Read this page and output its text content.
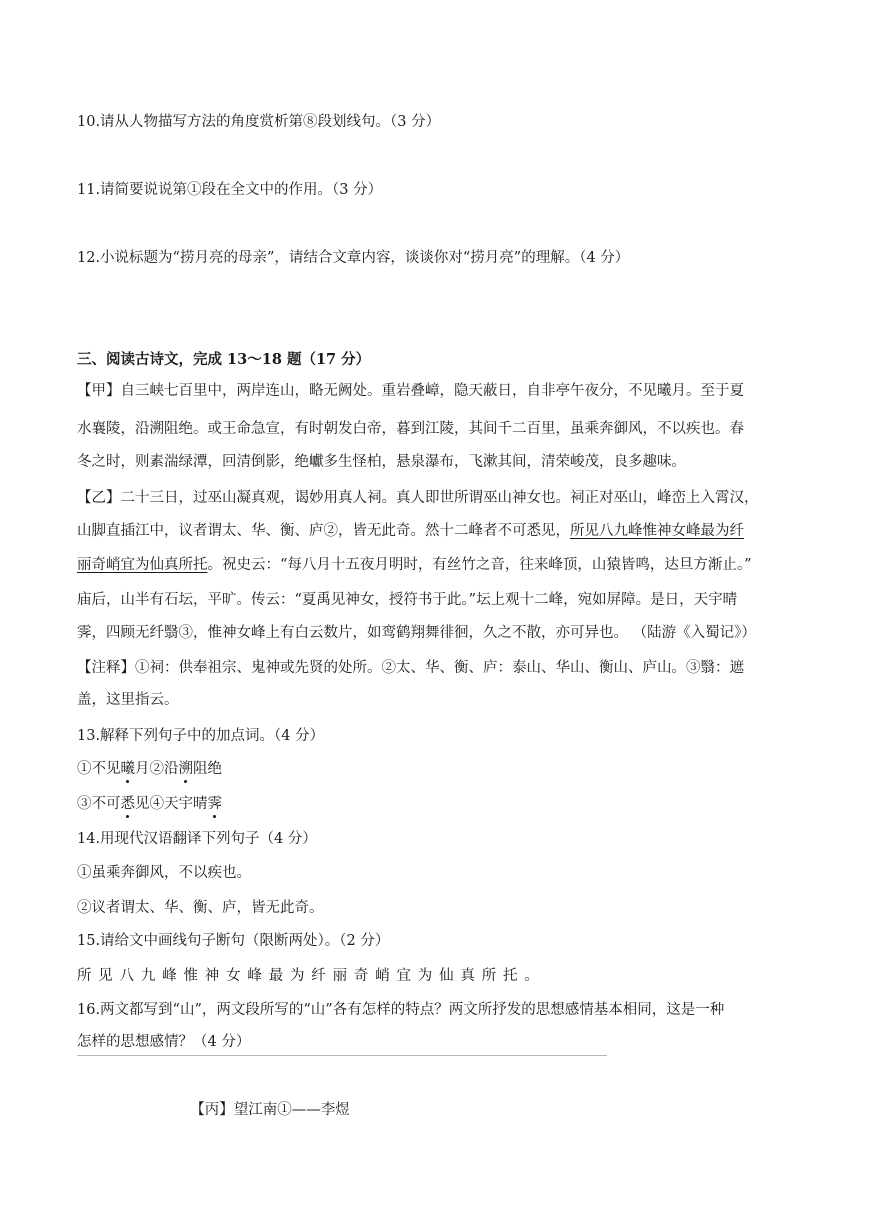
10.请从人物描写方法的角度赏析第⑧段划线句。（3 分）
11.请简要说说第①段在全文中的作用。（3 分）
12.小说标题为“捞月亮的母亲”，请结合文章内容，谈谈你对“捞月亮”的理解。（4 分）
三、阅读古诗文，完成 13～18 题（17 分）
【甲】自三峡七百里中，两岸连山，略无阙处。重岩叠嶂，隐天蔽日，自非亭午夜分，不见曦月。至于夏
水襄陵，沿溯阻绝。或王命急宣，有时朝发白帝，暮到江陵，其间千二百里，虽乘奔御风，不以疾也。春
冬之时，则素湍绿潭，回清倒影，绝巘多生怪柏，悬泉瀑布，飞漱其间，清荣峻茂，良多趣味。
【乙】二十三日，过巫山凝真观，谒妙用真人祠。真人即世所谓巫山神女也。祠正对巫山，峰峦上入霄汉，
山脚直插江中，议者谓太、华、衡、庐②，皆无此奇。然十二峰者不可悉见，所见八九峰惟神女峰最为纤
丽奇峭宜为仙真所托。祝史云：“每八月十五夜月明时，有丝竹之音，往来峰顶，山猿皆鸣，达旦方渐止。”
庙后，山半有石坛，平旷。传云：“夏禹见神女，授符书于此。”坛上观十二峰，宛如屏障。是日，天宇晴
霁，四顾无纤翳③，惟神女峰上有白云数片，如鸾鹤翔舞徘徊，久之不散，亦可异也。 （陆游《入蜀记》）
【注释】①祠：供奉祖宗、鬼神或先贤的处所。②太、华、衡、庐：泰山、华山、衡山、庐山。③翳：遮
盖，这里指云。
13.解释下列句子中的加点词。（4 分）
①不见曦月②沿溯阻绝
③不可悉见④天宇晴霁
14.用现代汉语翻译下列句子（4 分）
①虽乘奔御风，不以疾也。
②议者谓太、华、衡、庐，皆无此奇。
15.请给文中画线句子断句（限断两处）。（2 分）
所见八九峰惟神女峰最为纤丽奇峭宜为仙真所托。
16.两文都写到“山”，两文段所写的“山”各有怎样的特点？两文所抒发的思想感情基本相同，这是一种
怎样的思想感情？（4 分）
【丙】望江南①——李煜
